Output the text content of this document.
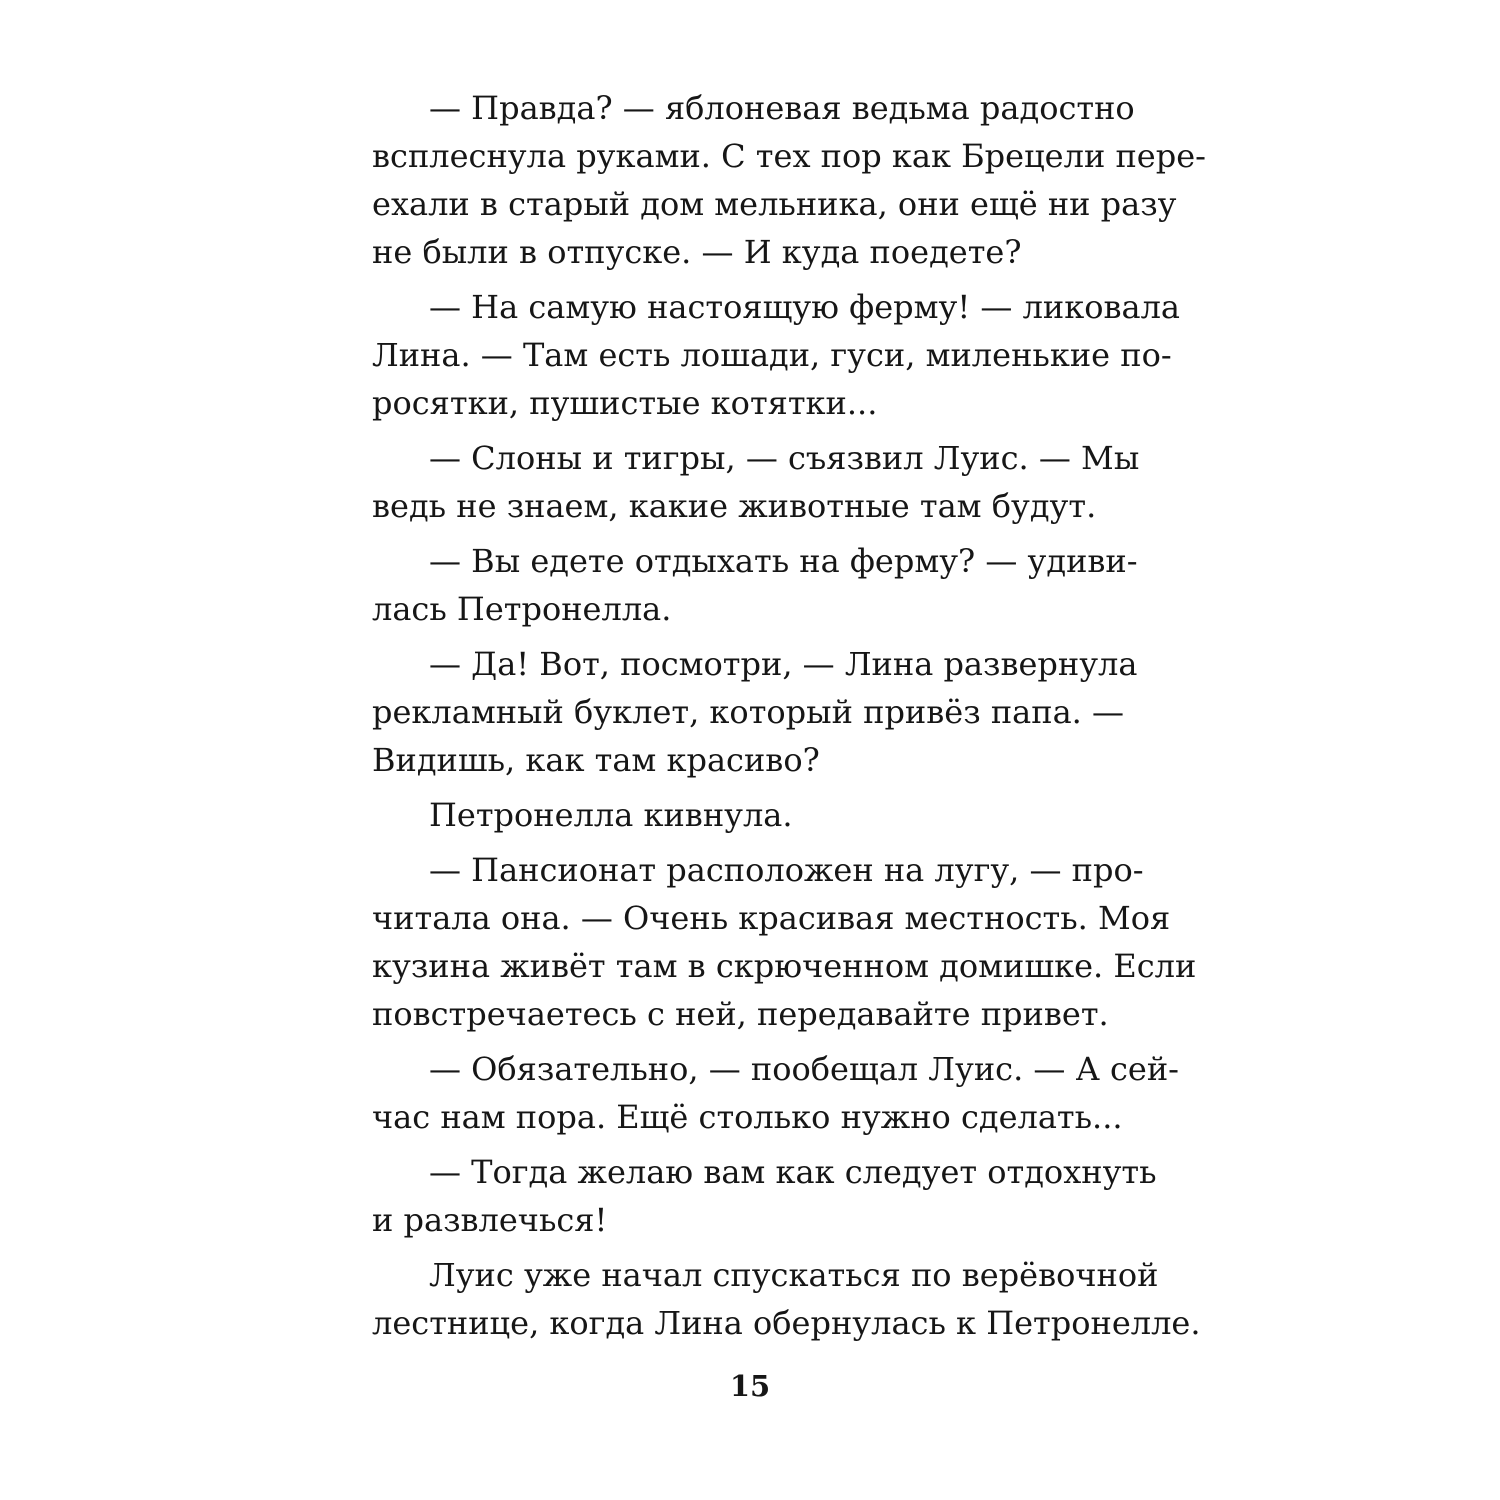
— Правда? — яблоневая ведьма радостно
всплеснула руками. С тех пор как Брецели пере-
ехали в старый дом мельника, они ещё ни разу
не были в отпуске. — И куда поедете?
— На самую настоящую ферму! — ликовала
Лина. — Там есть лошади, гуси, миленькие по-
росятки, пушистые котятки...
— Слоны и тигры, — съязвил Луис. — Мы
ведь не знаем, какие животные там будут.
— Вы едете отдыхать на ферму? — удиви-
лась Петронелла.
— Да! Вот, посмотри, — Лина развернула
рекламный буклет, который привёз папа. —
Видишь, как там красиво?
Петронелла кивнула.
— Пансионат расположен на лугу, — про-
читала она. — Очень красивая местность. Моя
кузина живёт там в скрюченном домишке. Если
повстречаетесь с ней, передавайте привет.
— Обязательно, — пообещал Луис. — А сей-
час нам пора. Ещё столько нужно сделать...
— Тогда желаю вам как следует отдохнуть
и развлечься!
Луис уже начал спускаться по верёвочной
лестнице, когда Лина обернулась к Петронелле.
15
